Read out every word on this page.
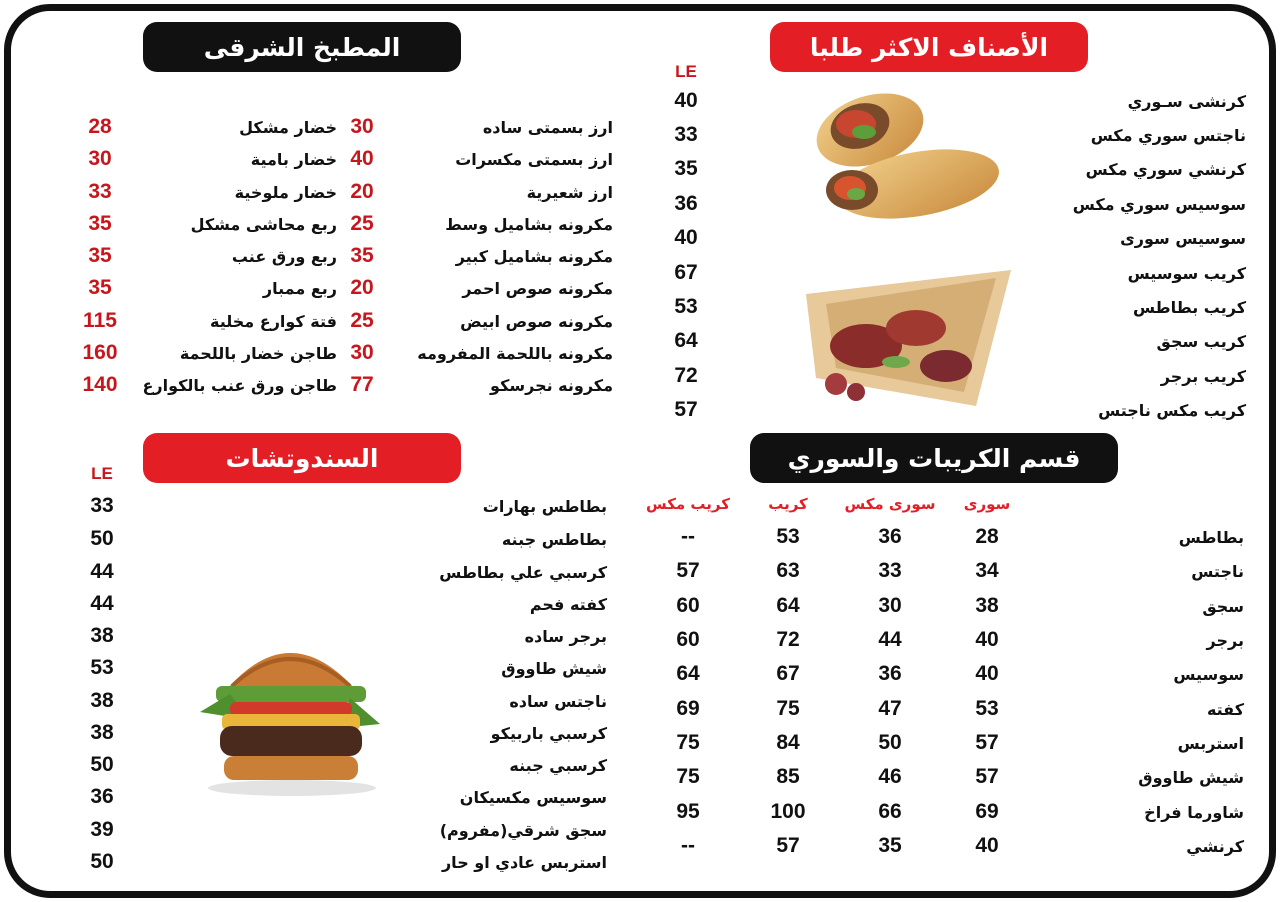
الأصناف الاكثر طلبا
المطبخ الشرقى
قسم الكريبات والسوري
السندوتشات
LE
كرنشى سـوري
40
ناجتس سوري مكس
33
كرنشي سوري مكس
35
سوسيس سوري مكس
36
سوسيس سورى
40
كريب سوسيس
67
كريب بطاطس
53
كريب سجق
64
كريب برجر
72
كريب مكس ناجتس
57
ارز بسمتى ساده
30
ارز بسمتى مكسرات
40
ارز شعيرية
20
مكرونه بشاميل وسط
25
مكرونه بشاميل كبير
35
مكرونه صوص احمر
20
مكرونه صوص ابيض
25
مكرونه باللحمة المفرومه
30
مكرونه نجرسكو
77
خضار مشكل
28
خضار بامية
30
خضار ملوخية
33
ربع محاشى مشكل
35
ربع ورق عنب
35
ربع ممبار
35
فتة كوارع مخلية
115
طاجن خضار باللحمة
160
طاجن ورق عنب بالكوارع
140
سورى
سورى مكس
كريب
كريب مكس
بطاطس
28
36
53
--
ناجتس
34
33
63
57
سجق
38
30
64
60
برجر
40
44
72
60
سوسيس
40
36
67
64
كفته
53
47
75
69
استربس
57
50
84
75
شيش طاووق
57
46
85
75
شاورما فراخ
69
66
100
95
كرنشي
40
35
57
--
LE
بطاطس بهارات
33
بطاطس جبنه
50
كرسبي علي بطاطس
44
كفته فحم
44
برجر ساده
38
شيش طاووق
53
ناجتس ساده
38
كرسبي باربيكو
38
كرسبي جبنه
50
سوسيس مكسيكان
36
سجق شرقي(مفروم)
39
استربس عادي او حار
50
